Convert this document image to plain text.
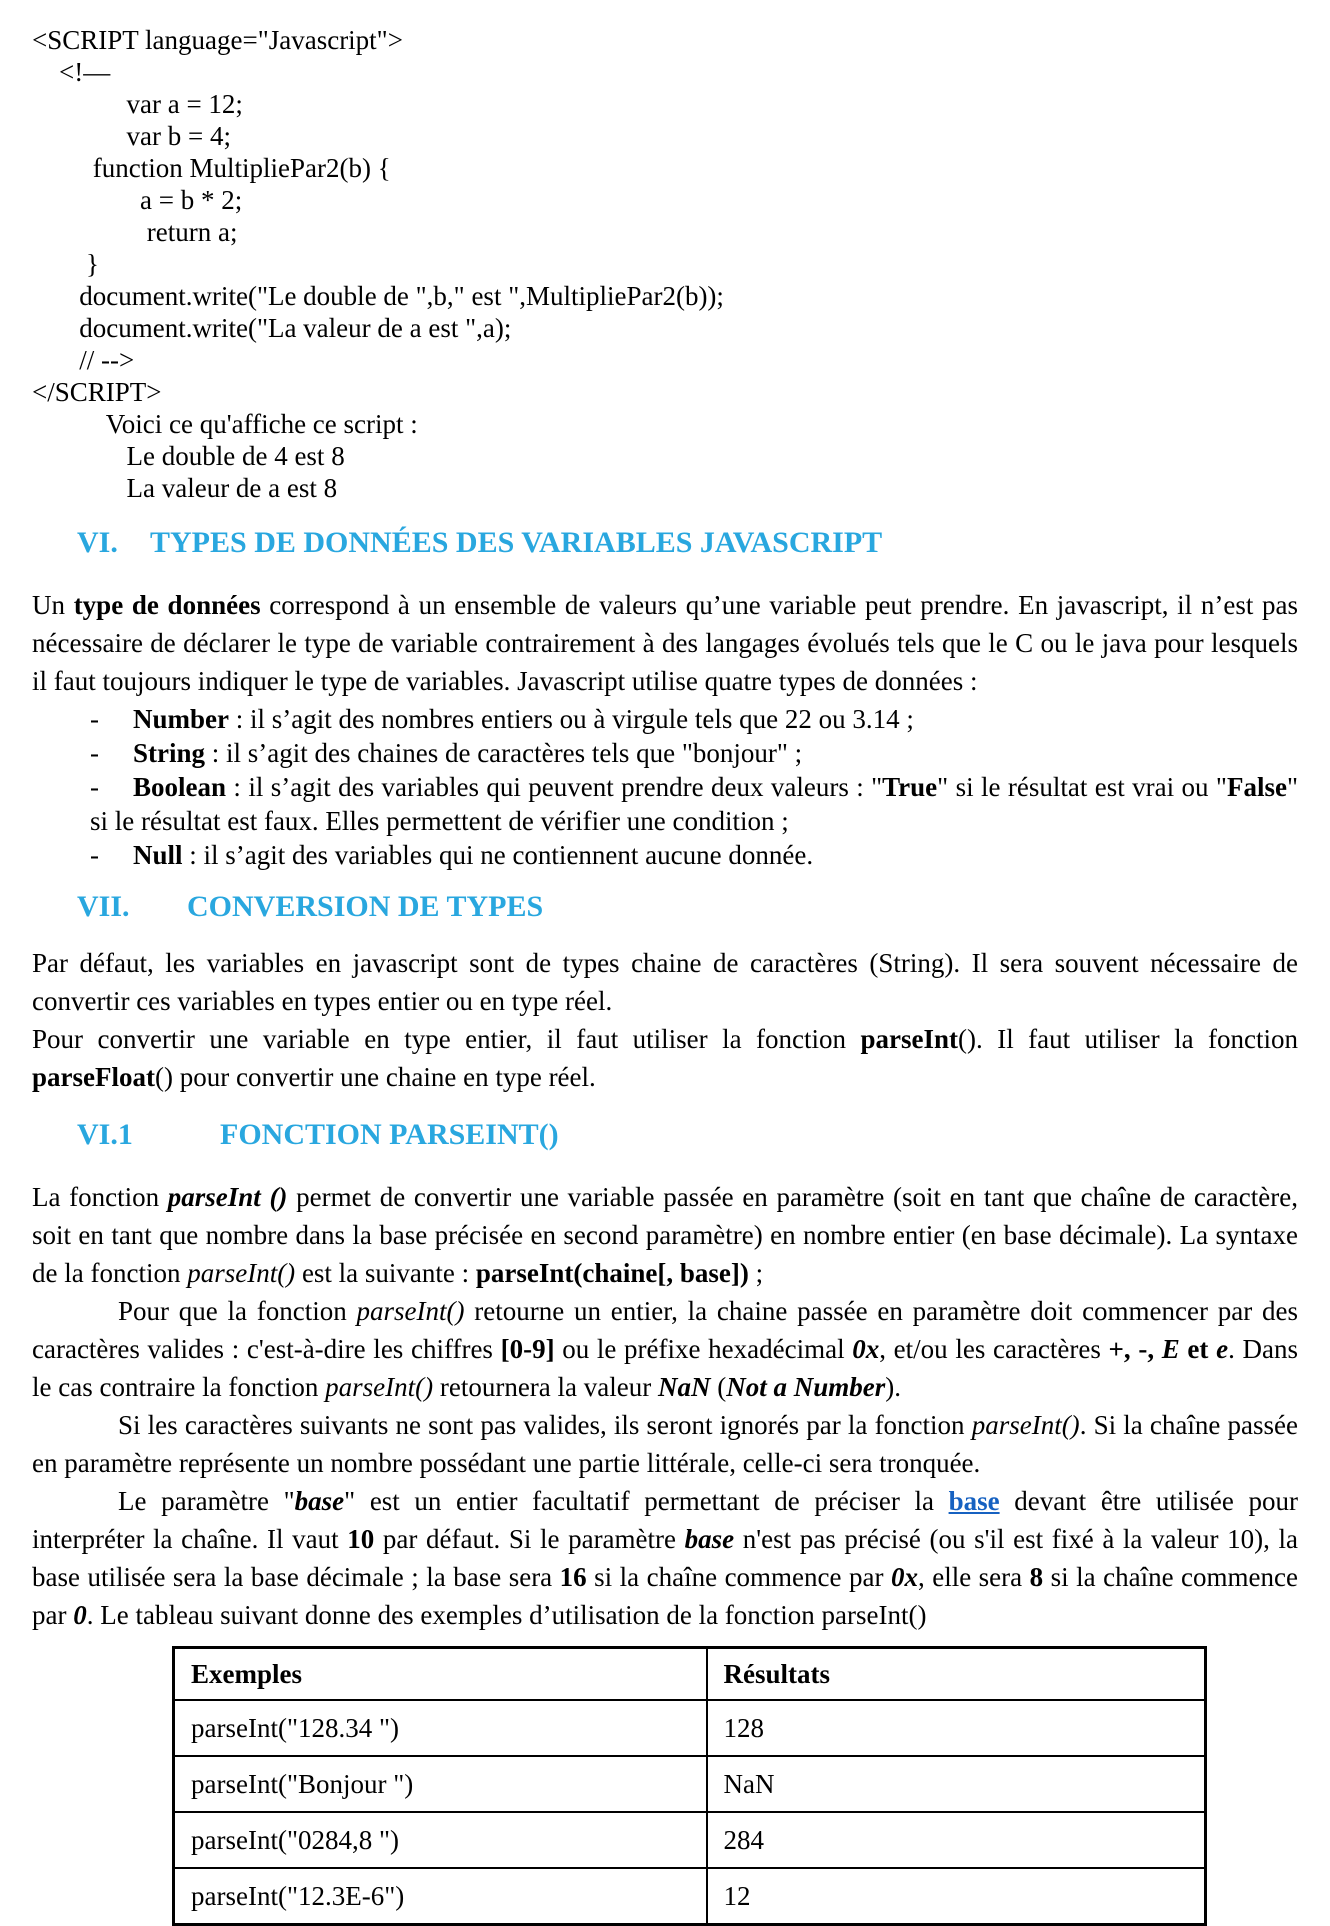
<SCRIPT language="Javascript">
<!—
var a = 12;
var b = 4;
function MultipliePar2(b) {
a = b * 2;
return a;
}
document.write("Le double de ",b," est ",MultipliePar2(b));
document.write("La valeur de a est ",a);
// -->
</SCRIPT>
Voici ce qu'affiche ce script :
Le double de 4 est 8
La valeur de a est 8
VI. TYPES DE DONNÉES DES VARIABLES JAVASCRIPT

Un type de données correspond à un ensemble de valeurs qu’une variable peut prendre. En javascript, il n’est pas nécessaire de déclarer le type de variable contrairement à des langages évolués tels que le C ou le java pour lesquels il faut toujours indiquer le type de variables. Javascript utilise quatre types de données :

- Number : il s’agit des nombres entiers ou à virgule tels que 22 ou 3.14 ;
- String : il s’agit des chaines de caractères tels que "bonjour" ;
- Boolean : il s’agit des variables qui peuvent prendre deux valeurs : "True" si le résultat est vrai ou "False" si le résultat est faux. Elles permettent de vérifier une condition ;
- Null : il s’agit des variables qui ne contiennent aucune donnée.
VII. CONVERSION DE TYPES

Par défaut, les variables en javascript sont de types chaine de caractères (String). Il sera souvent nécessaire de convertir ces variables en types entier ou en type réel.

Pour convertir une variable en type entier, il faut utiliser la fonction parseInt(). Il faut utiliser la fonction parseFloat() pour convertir une chaine en type réel.

VI.1	FONCTION PARSEINT()

La fonction parseInt () permet de convertir une variable passée en paramètre (soit en tant que chaîne de caractère, soit en tant que nombre dans la base précisée en second paramètre) en nombre entier (en base décimale). La syntaxe de la fonction parseInt() est la suivante : parseInt(chaine[, base]) ;

Pour que la fonction parseInt() retourne un entier, la chaine passée en paramètre doit commencer par des caractères valides : c'est-à-dire les chiffres [0-9] ou le préfixe hexadécimal 0x, et/ou les caractères +, -, E et e. Dans le cas contraire la fonction parseInt() retournera la valeur NaN (Not a Number).

Si les caractères suivants ne sont pas valides, ils seront ignorés par la fonction parseInt(). Si la chaîne passée en paramètre représente un nombre possédant une partie littérale, celle-ci sera tronquée.

Le paramètre "base" est un entier facultatif permettant de préciser la base devant être utilisée pour interpréter la chaîne. Il vaut 10 par défaut. Si le paramètre base n'est pas précisé (ou s'il est fixé à la valeur 10), la base utilisée sera la base décimale ; la base sera 16 si la chaîne commence par 0x, elle sera 8 si la chaîne commence par 0. Le tableau suivant donne des exemples d’utilisation de la fonction parseInt()

Exemples	Résultats
parseInt("128.34 ")	128
parseInt("Bonjour ")	NaN
parseInt("0284,8 ")	284
parseInt("12.3E-6")	12
